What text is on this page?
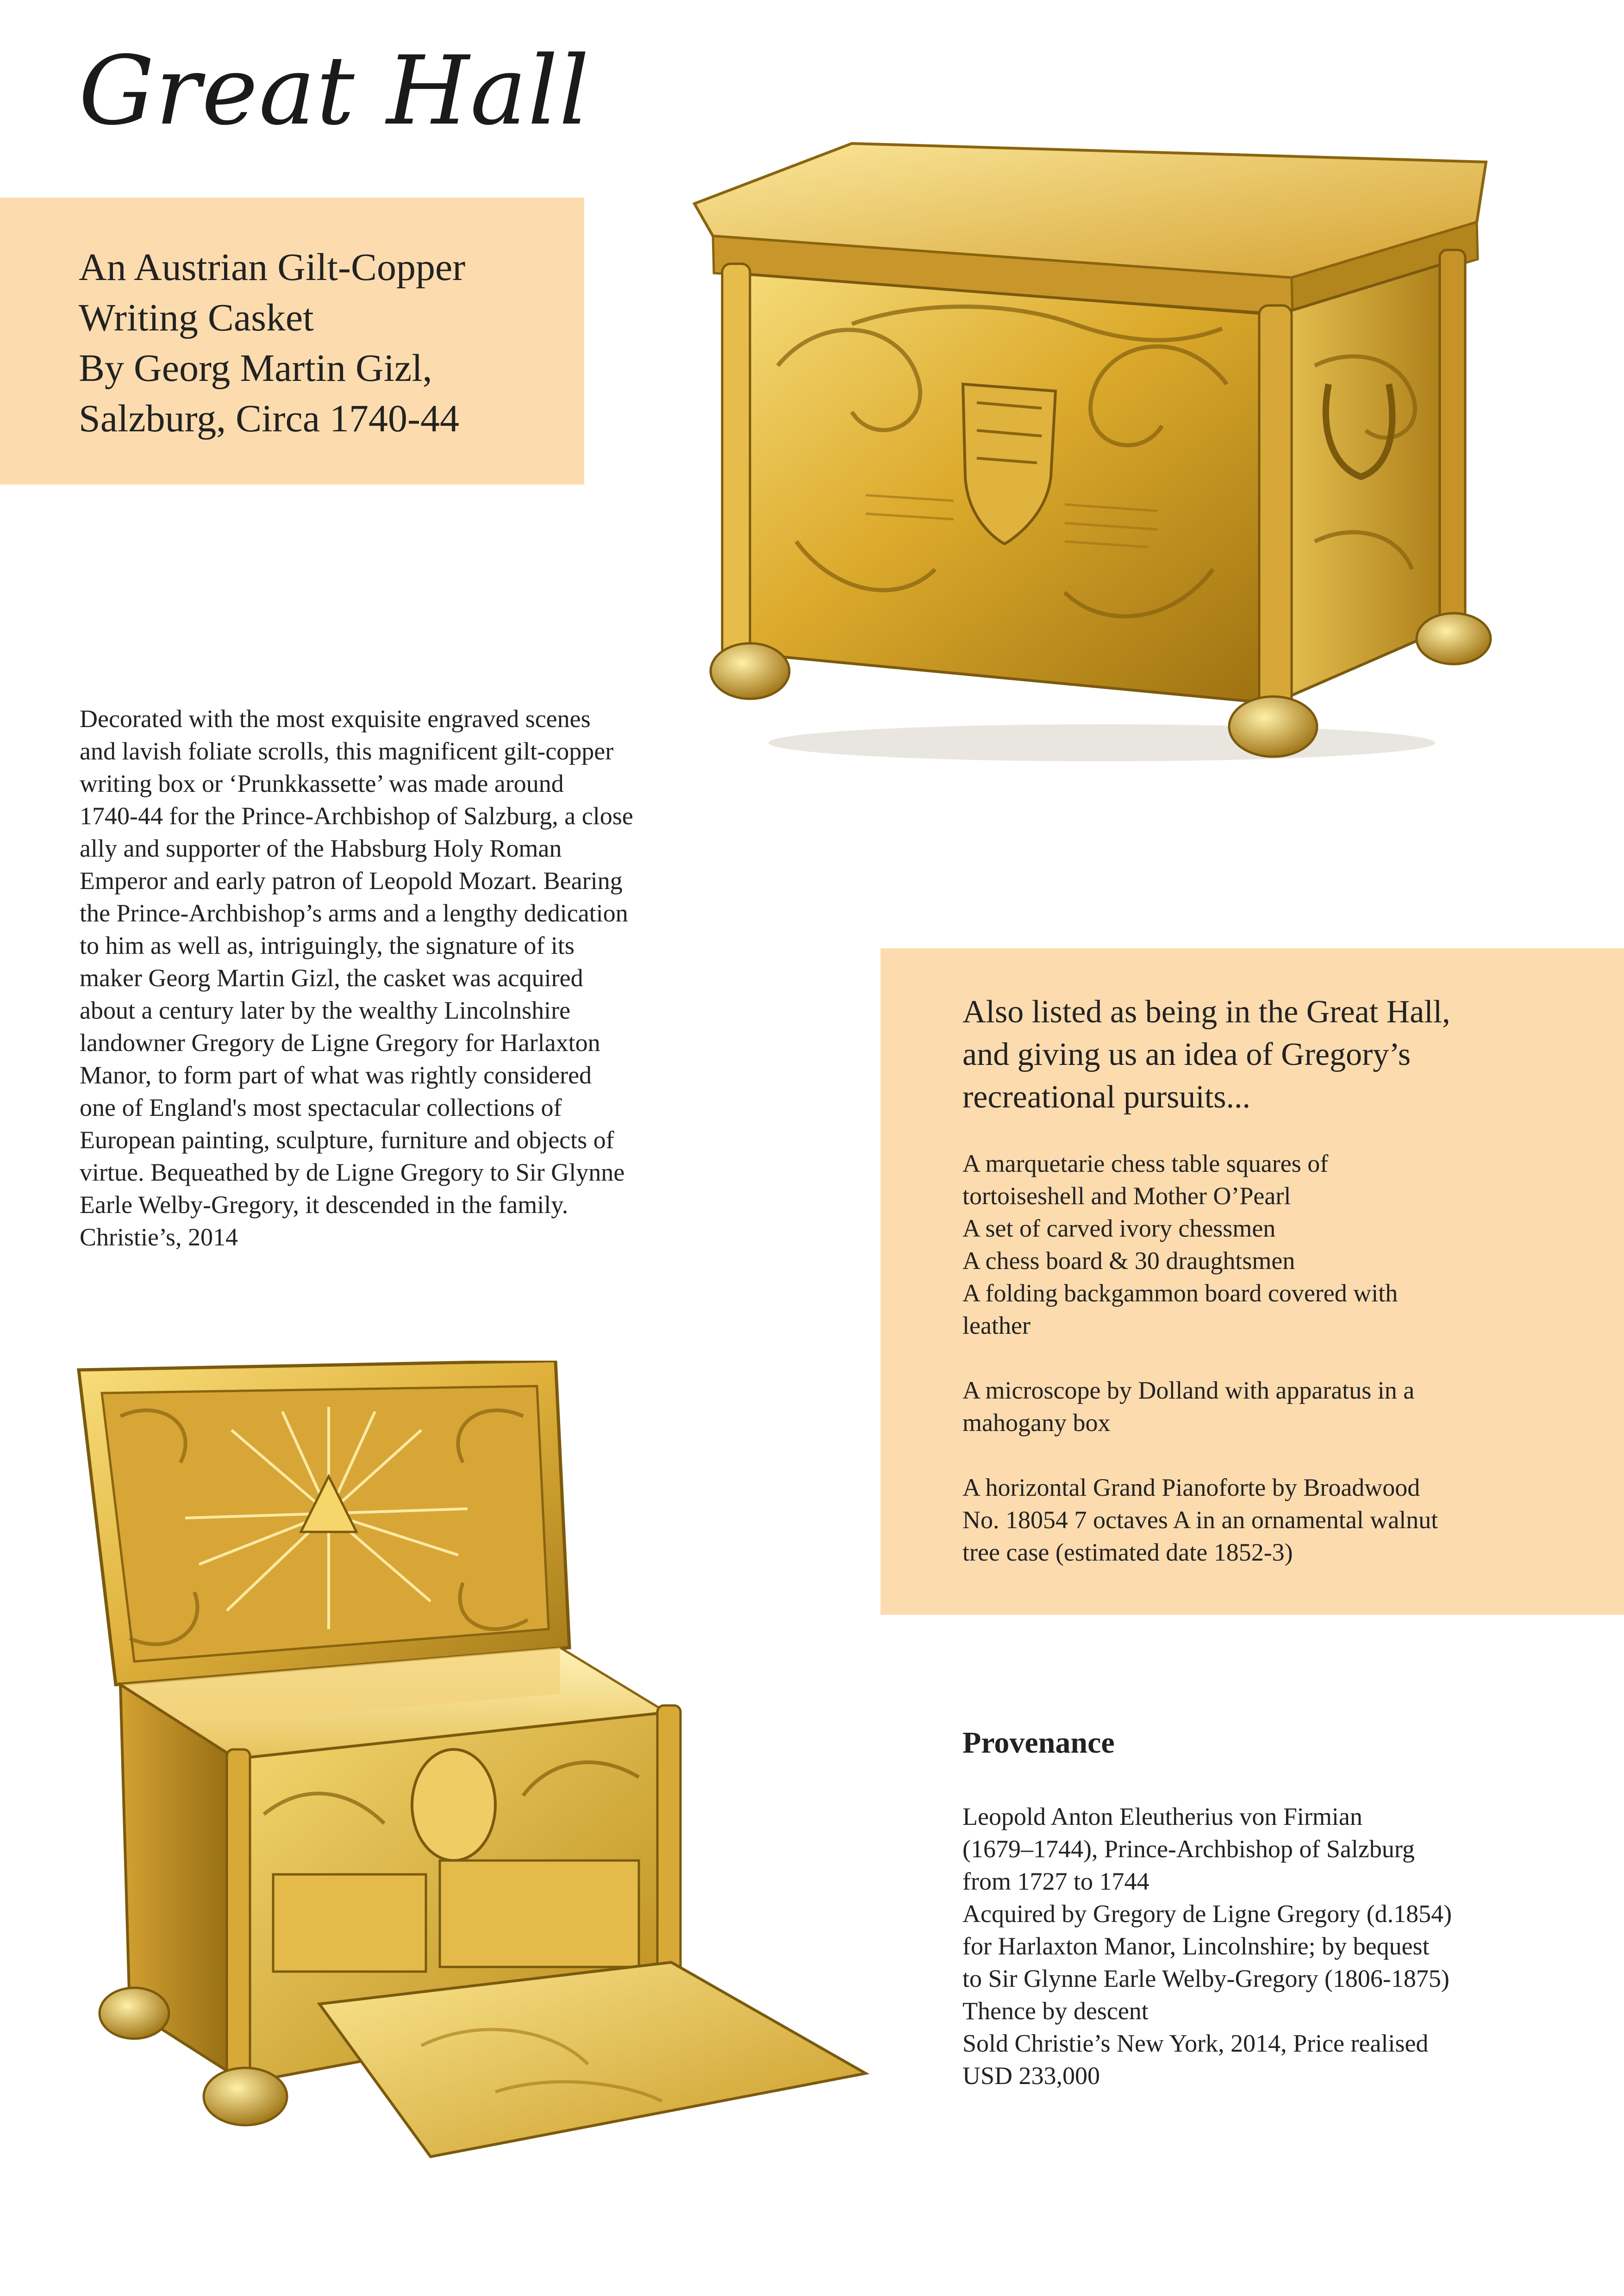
Great Hall
An Austrian Gilt-Copper
Writing Casket
By Georg Martin Gizl,
Salzburg, Circa 1740-44
Decorated with the most exquisite engraved scenes
and lavish foliate scrolls, this magnificent gilt-copper
writing box or ‘Prunkkassette’ was made around
1740-44 for the Prince-Archbishop of Salzburg, a close
ally and supporter of the Habsburg Holy Roman
Emperor and early patron of Leopold Mozart. Bearing
the Prince-Archbishop’s arms and a lengthy dedication
to him as well as, intriguingly, the signature of its
maker Georg Martin Gizl, the casket was acquired
about a century later by the wealthy Lincolnshire
landowner Gregory de Ligne Gregory for Harlaxton
Manor, to form part of what was rightly considered
one of England's most spectacular collections of
European painting, sculpture, furniture and objects of
virtue. Bequeathed by de Ligne Gregory to Sir Glynne
Earle Welby-Gregory, it descended in the family.
Christie’s, 2014
Also listed as being in the Great Hall,
and giving us an idea of Gregory’s
recreational pursuits...
A marquetarie chess table squares of
tortoiseshell and Mother O’Pearl
A set of carved ivory chessmen
A chess board & 30 draughtsmen
A folding backgammon board covered with
leather
A microscope by Dolland with apparatus in a
mahogany box
A horizontal Grand Pianoforte by Broadwood
No. 18054 7 octaves A in an ornamental walnut
tree case (estimated date 1852-3)
Provenance
Leopold Anton Eleutherius von Firmian
(1679–1744), Prince-Archbishop of Salzburg
from 1727 to 1744
Acquired by Gregory de Ligne Gregory (d.1854)
for Harlaxton Manor, Lincolnshire; by bequest
to Sir Glynne Earle Welby-Gregory (1806-1875)
Thence by descent
Sold Christie’s New York, 2014, Price realised
USD 233,000
